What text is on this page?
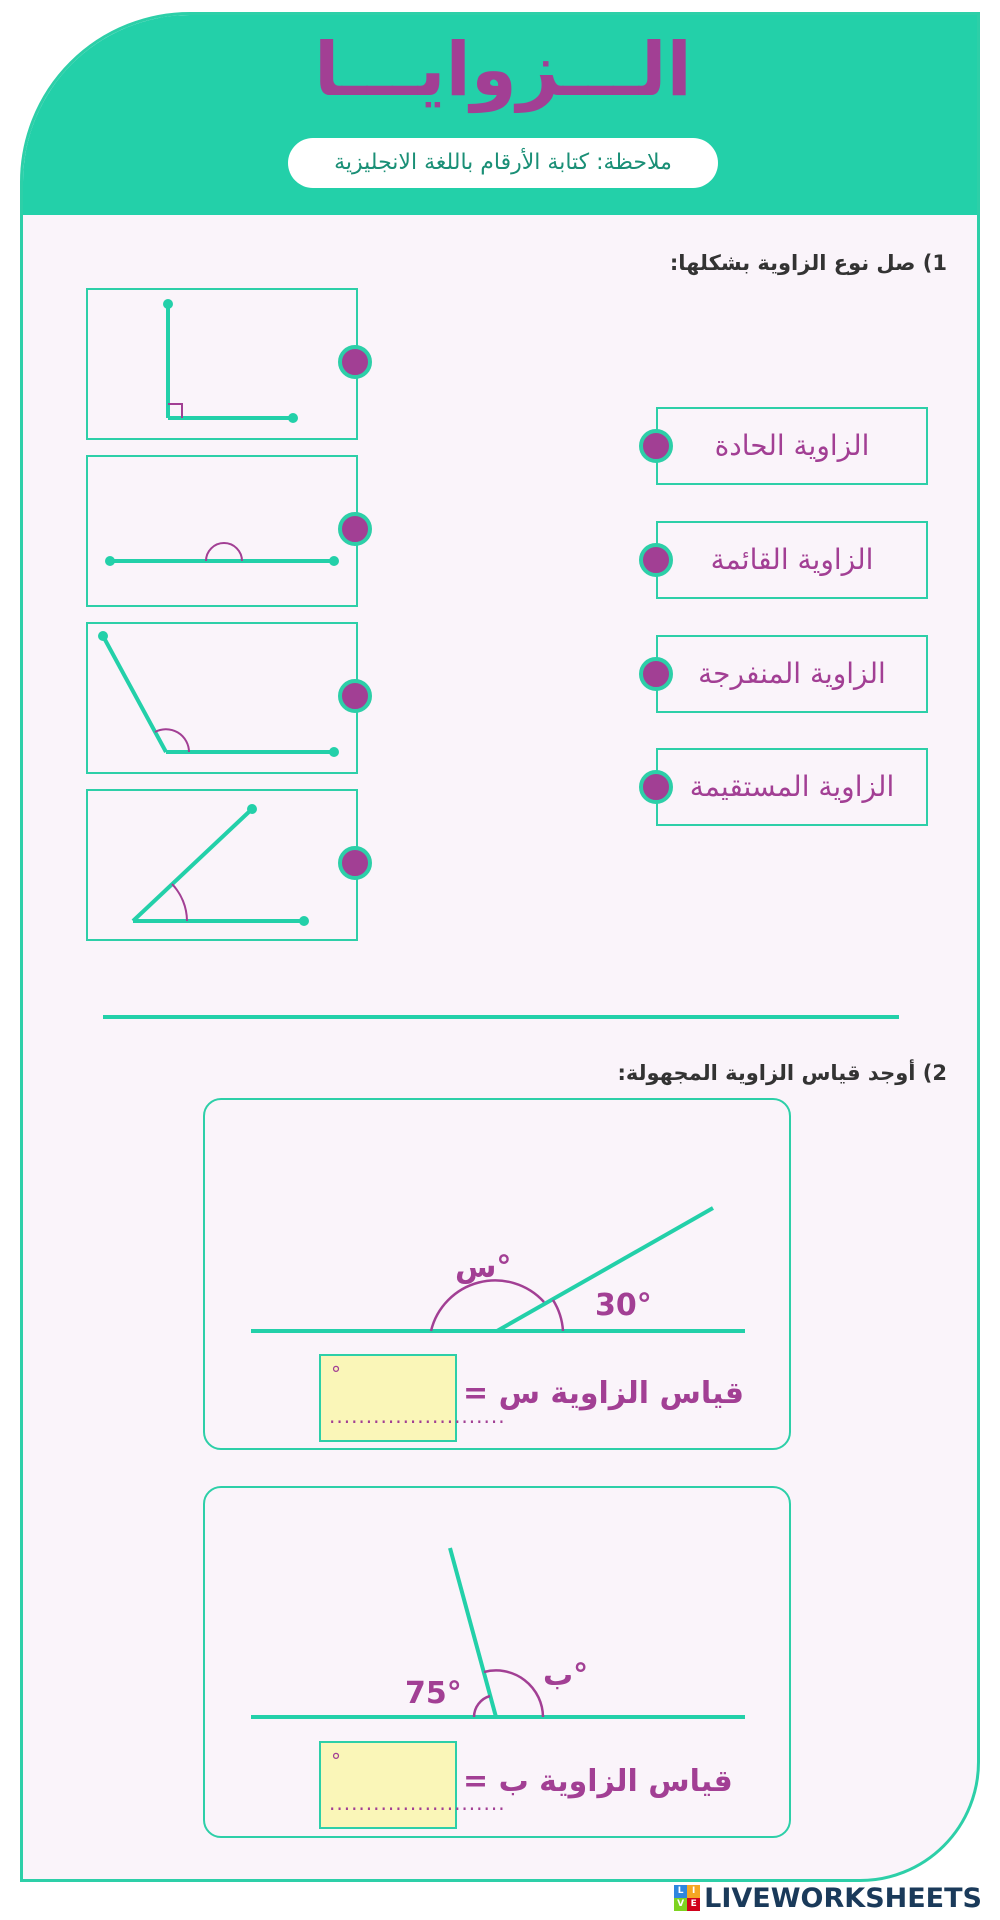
الـــزوايـــا
ملاحظة: كتابة الأرقام باللغة الانجليزية
1) صل نوع الزاوية بشكلها:
الزاوية الحادة
الزاوية القائمة
الزاوية المنفرجة
الزاوية المستقيمة
2) أوجد قياس الزاوية المجهولة:
30°
س°
°
........................
قياس الزاوية س =
75°
ب°
°
........................
قياس الزاوية ب =
L I
V E LIVEWORKSHEETS
